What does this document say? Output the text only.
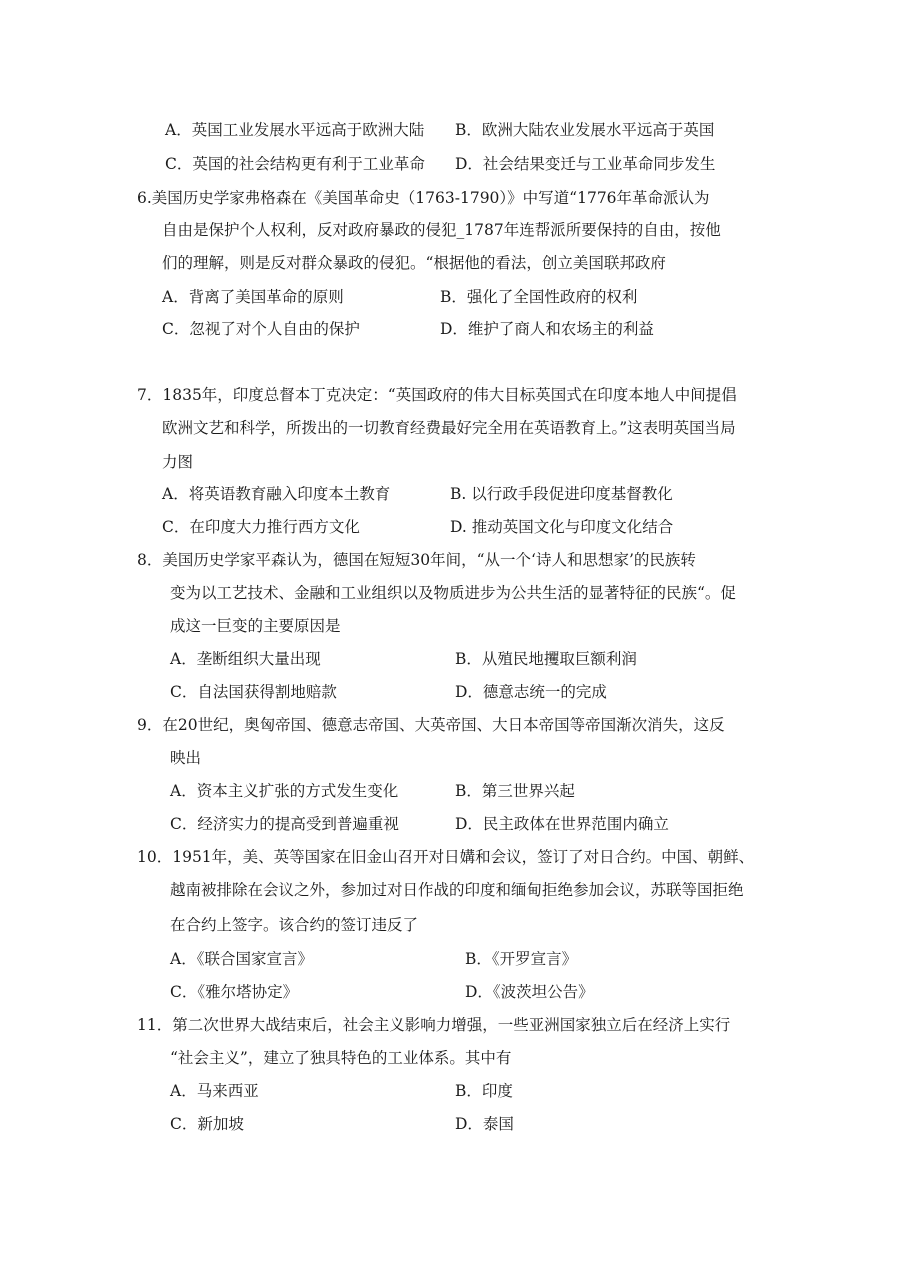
A．英国工业发展水平远高于欧洲大陆 B．欧洲大陆农业发展水平远高于英国
C．英国的社会结构更有利于工业革命 D．社会结果变迁与工业革命同步发生
6.美国历史学家弗格森在《美国革命史（1763-1790）》中写道“1776年革命派认为
自由是保护个人权利，反对政府暴政的侵犯_1787年连帮派所要保持的自由，按他
们的理解，则是反对群众暴政的侵犯。“根据他的看法，创立美国联邦政府
A．背离了美国革命的原则	B．强化了全国性政府的权利
C．忽视了对个人自由的保护	D．维护了商人和农场主的利益
7．1835年，印度总督本丁克决定：“英国政府的伟大目标英国式在印度本地人中间提倡
欧洲文艺和科学，所拨出的一切教育经费最好完全用在英语教育上。”这表明英国当局
力图
A．将英语教育融入印度本土教育	B. 以行政手段促进印度基督教化
C．在印度大力推行西方文化	D. 推动英国文化与印度文化结合
8．美国历史学家平森认为，德国在短短30年间，“从一个‘诗人和思想家’的民族转
变为以工艺技术、金融和工业组织以及物质进步为公共生活的显著特征的民族“。促
成这一巨变的主要原因是
A．垄断组织大量出现	B．从殖民地攫取巨额利润
C．自法国获得割地赔款	D．德意志统一的完成
9．在20世纪，奥匈帝国、德意志帝国、大英帝国、大日本帝国等帝国渐次消失，这反
映出
A．资本主义扩张的方式发生变化	B．第三世界兴起
C．经济实力的提高受到普遍重视	D．民主政体在世界范围内确立
10．1951年，美、英等国家在旧金山召开对日媾和会议，签订了对日合约。中国、朝鲜、
越南被排除在会议之外，参加过对日作战的印度和缅甸拒绝参加会议，苏联等国拒绝
在合约上签字。该合约的签订违反了
A．《联合国家宣言》	B．《开罗宣言》
C．《雅尔塔协定》	D．《波茨坦公告》
11．第二次世界大战结束后，社会主义影响力增强，一些亚洲国家独立后在经济上实行
“社会主义”，建立了独具特色的工业体系。其中有
A．马来西亚	B．印度
C．新加坡	D．泰国
